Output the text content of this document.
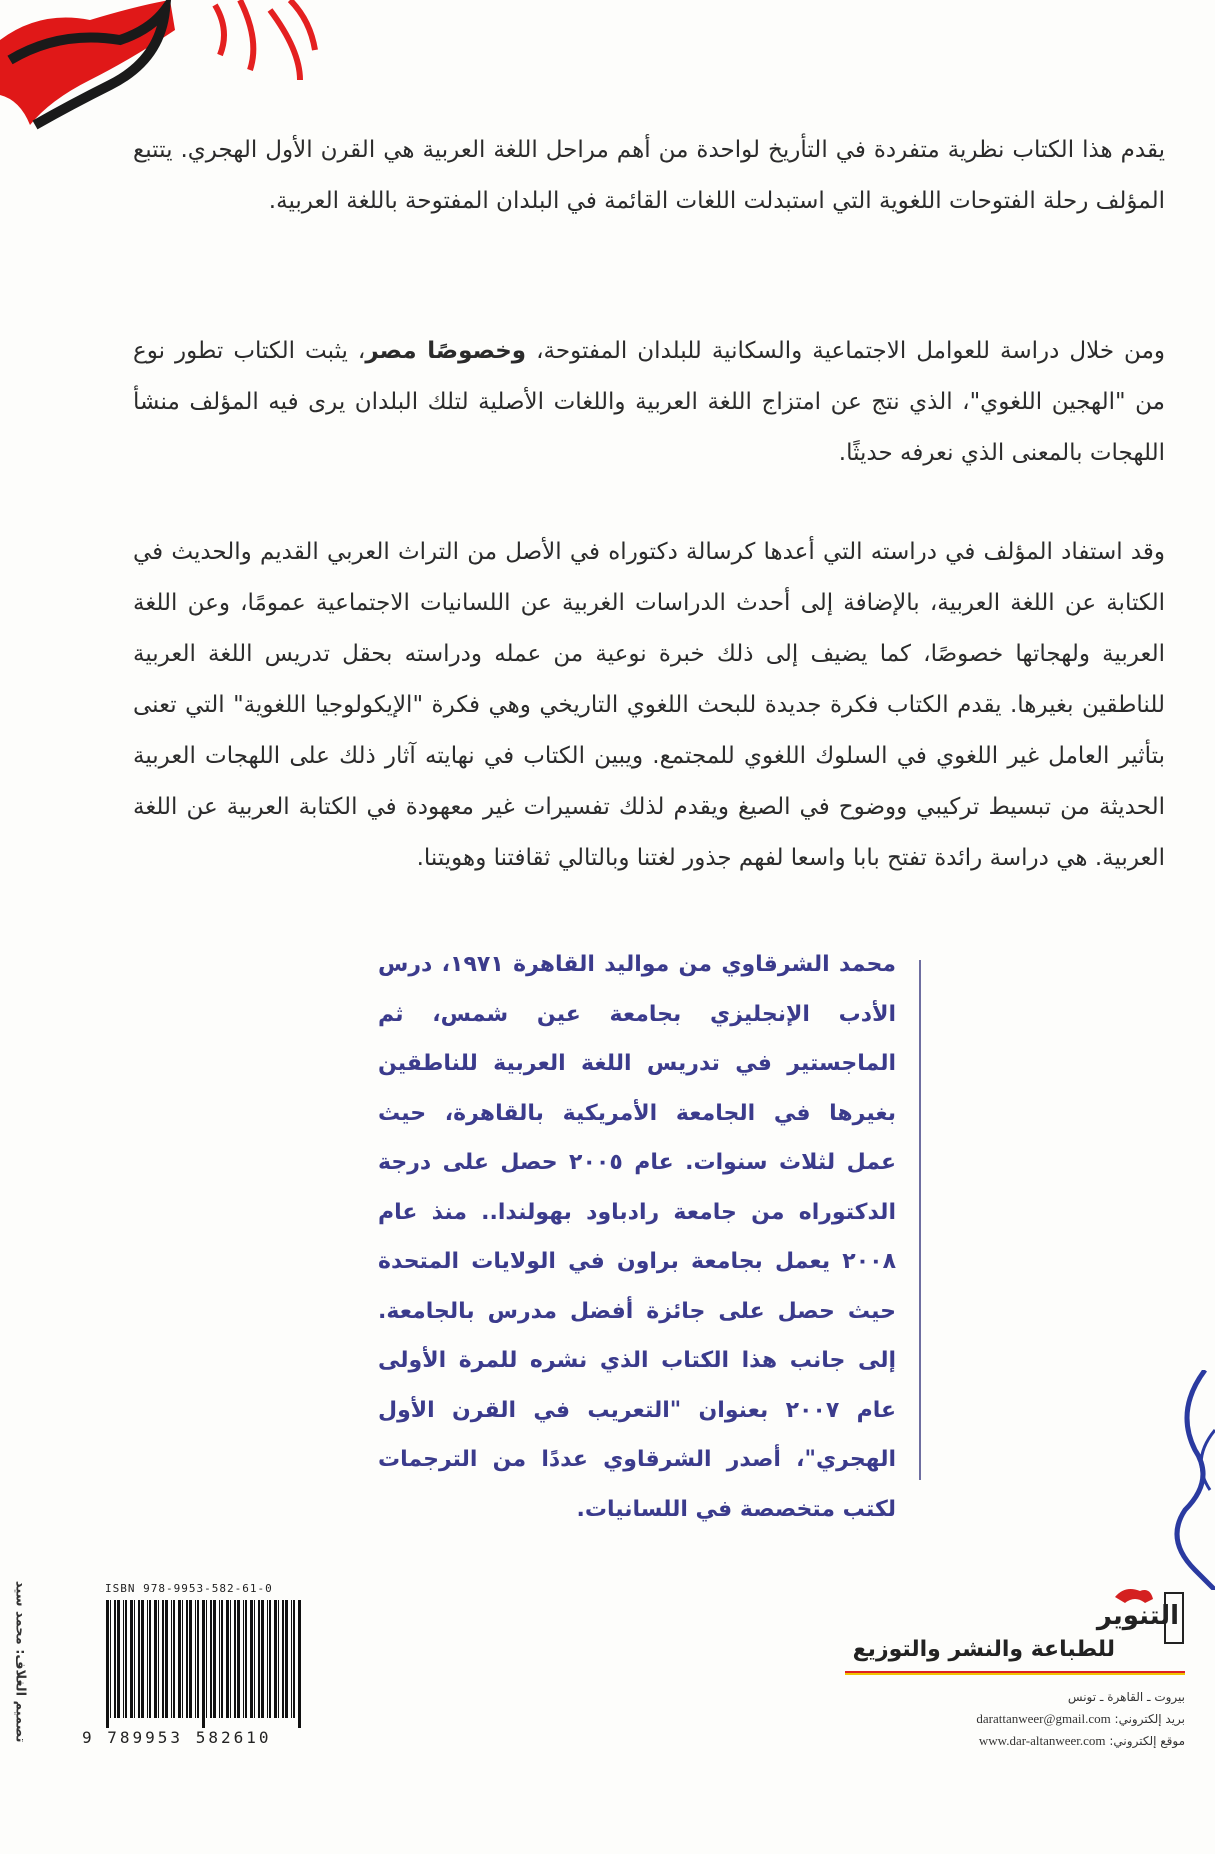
يقدم هذا الكتاب نظرية متفردة في التأريخ لواحدة من أهم مراحل اللغة العربية هي القرن الأول الهجري. يتتبع المؤلف رحلة الفتوحات اللغوية التي استبدلت اللغات القائمة في البلدان المفتوحة باللغة العربية.

ومن خلال دراسة للعوامل الاجتماعية والسكانية للبلدان المفتوحة، وخصوصًا مصر، يثبت الكتاب تطور نوع من "الهجين اللغوي"، الذي نتج عن امتزاج اللغة العربية واللغات الأصلية لتلك البلدان يرى فيه المؤلف منشأ اللهجات بالمعنى الذي نعرفه حديثًا.

وقد استفاد المؤلف في دراسته التي أعدها كرسالة دكتوراه في الأصل من التراث العربي القديم والحديث في الكتابة عن اللغة العربية، بالإضافة إلى أحدث الدراسات الغربية عن اللسانيات الاجتماعية عمومًا، وعن اللغة العربية ولهجاتها خصوصًا، كما يضيف إلى ذلك خبرة نوعية من عمله ودراسته بحقل تدريس اللغة العربية للناطقين بغيرها. يقدم الكتاب فكرة جديدة للبحث اللغوي التاريخي وهي فكرة "الإيكولوجيا اللغوية" التي تعنى بتأثير العامل غير اللغوي في السلوك اللغوي للمجتمع. ويبين الكتاب في نهايته آثار ذلك على اللهجات العربية الحديثة من تبسيط تركيبي ووضوح في الصيغ ويقدم لذلك تفسيرات غير معهودة في الكتابة العربية عن اللغة العربية. هي دراسة رائدة تفتح بابا واسعا لفهم جذور لغتنا وبالتالي ثقافتنا وهويتنا.

محمد الشرقاوي من مواليد القاهرة ١٩٧١، درس الأدب الإنجليزي بجامعة عين شمس، ثم الماجستير في تدريس اللغة العربية للناطقين بغيرها في الجامعة الأمريكية بالقاهرة، حيث عمل لثلاث سنوات. عام ٢٠٠٥ حصل على درجة الدكتوراه من جامعة رادباود بهولندا.. منذ عام ٢٠٠٨ يعمل بجامعة براون في الولايات المتحدة حيث حصل على جائزة أفضل مدرس بالجامعة. إلى جانب هذا الكتاب الذي نشره للمرة الأولى عام ٢٠٠٧ بعنوان "التعريب في القرن الأول الهجري"، أصدر الشرقاوي عددًا من الترجمات لكتب متخصصة في اللسانيات.
تصميم الغلاف: محمد سيد	ISBN 978-9953-582-61-0
9 789953 582610
التنوير
للطباعة والنشر والتوزيع
بيروت ـ القاهرة ـ تونس
بريد إلكتروني: darattanweer@gmail.com
موقع إلكتروني: www.dar-altanweer.com
